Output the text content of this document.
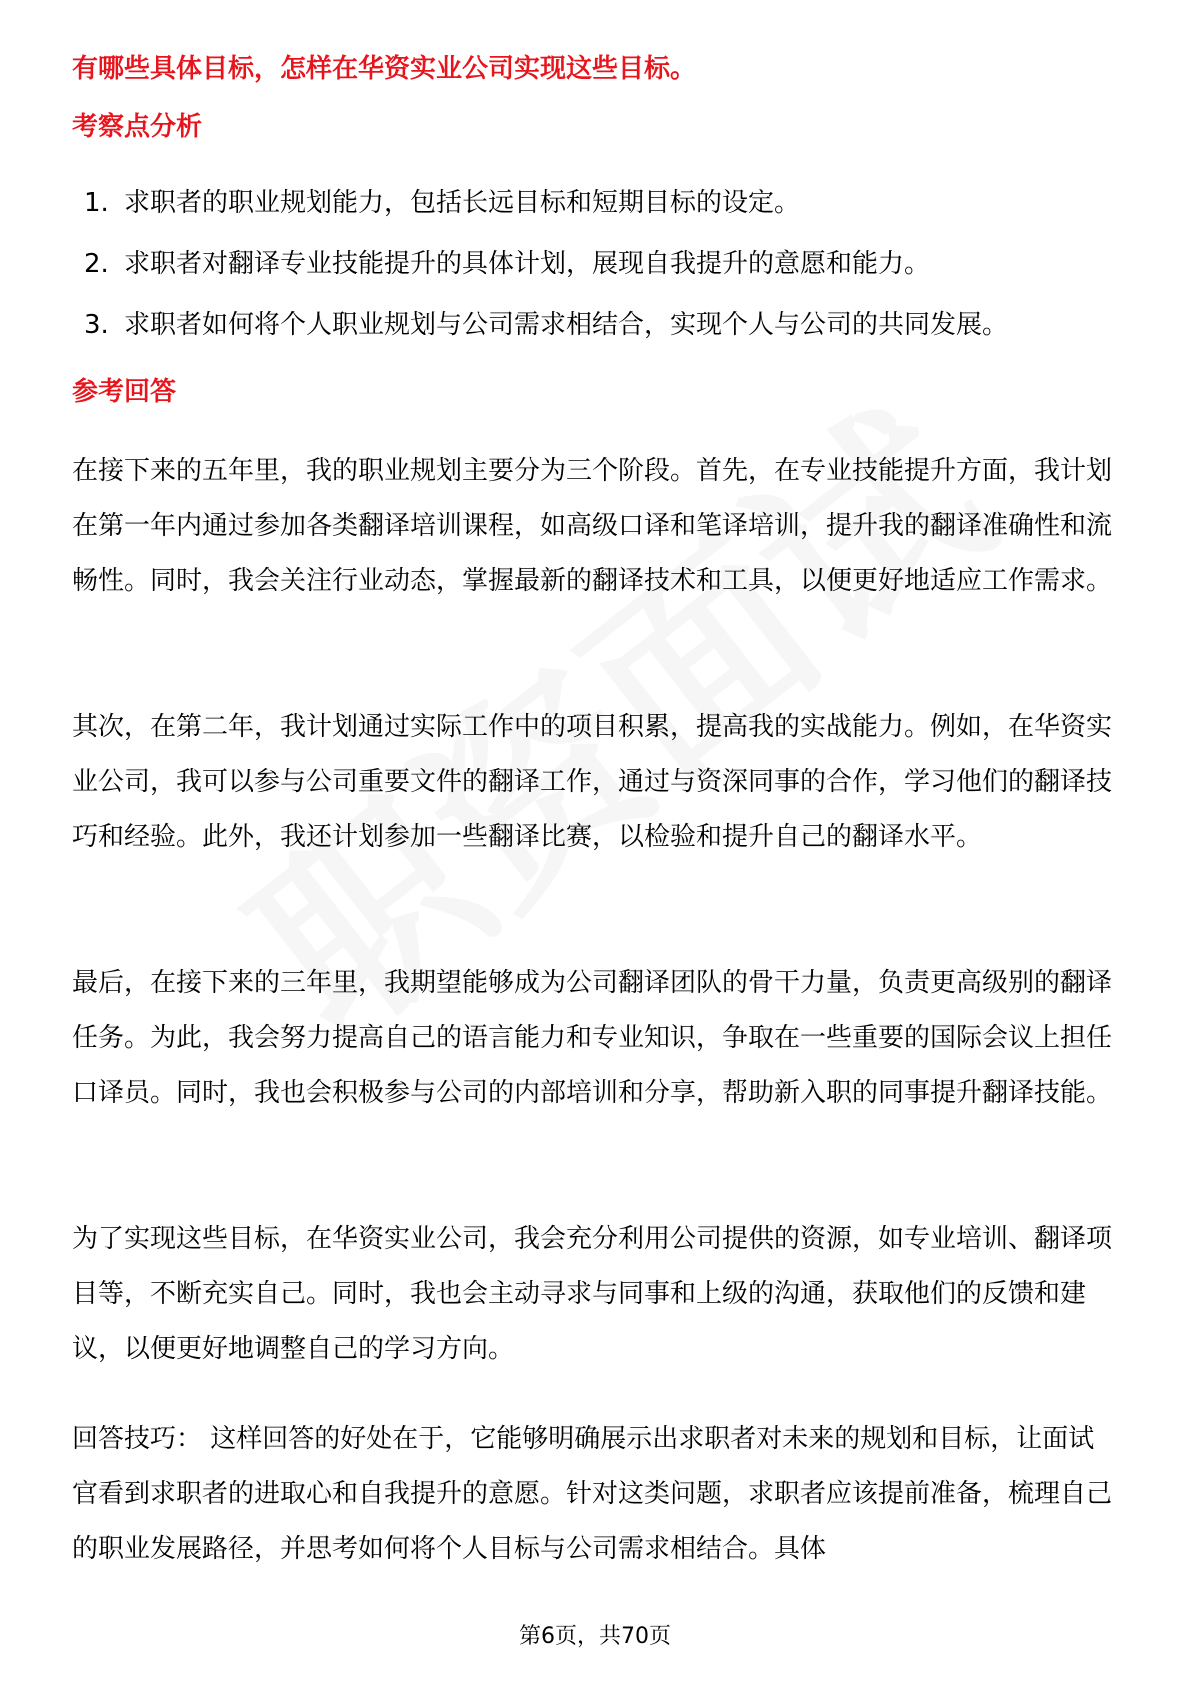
有哪些具体目标，怎样在华资实业公司实现这些目标。

考察点分析

1. 求职者的职业规划能力，包括长远目标和短期目标的设定。
2. 求职者对翻译专业技能提升的具体计划，展现自我提升的意愿和能力。
3. 求职者如何将个人职业规划与公司需求相结合，实现个人与公司的共同发展。

参考回答

在接下来的五年里，我的职业规划主要分为三个阶段。首先，在专业技能提升方面，我计划在第一年内通过参加各类翻译培训课程，如高级口译和笔译培训，提升我的翻译准确性和流畅性。同时，我会关注行业动态，掌握最新的翻译技术和工具，以便更好地适应工作需求。

其次，在第二年，我计划通过实际工作中的项目积累，提高我的实战能力。例如，在华资实业公司，我可以参与公司重要文件的翻译工作，通过与资深同事的合作，学习他们的翻译技巧和经验。此外，我还计划参加一些翻译比赛，以检验和提升自己的翻译水平。

最后，在接下来的三年里，我期望能够成为公司翻译团队的骨干力量，负责更高级别的翻译任务。为此，我会努力提高自己的语言能力和专业知识，争取在一些重要的国际会议上担任口译员。同时，我也会积极参与公司的内部培训和分享，帮助新入职的同事提升翻译技能。

为了实现这些目标，在华资实业公司，我会充分利用公司提供的资源，如专业培训、翻译项目等，不断充实自己。同时，我也会主动寻求与同事和上级的沟通，获取他们的反馈和建议，以便更好地调整自己的学习方向。

回答技巧： 这样回答的好处在于，它能够明确展示出求职者对未来的规划和目标，让面试官看到求职者的进取心和自我提升的意愿。针对这类问题，求职者应该提前准备，梳理自己的职业发展路径，并思考如何将个人目标与公司需求相结合。具体

第6页，共70页
